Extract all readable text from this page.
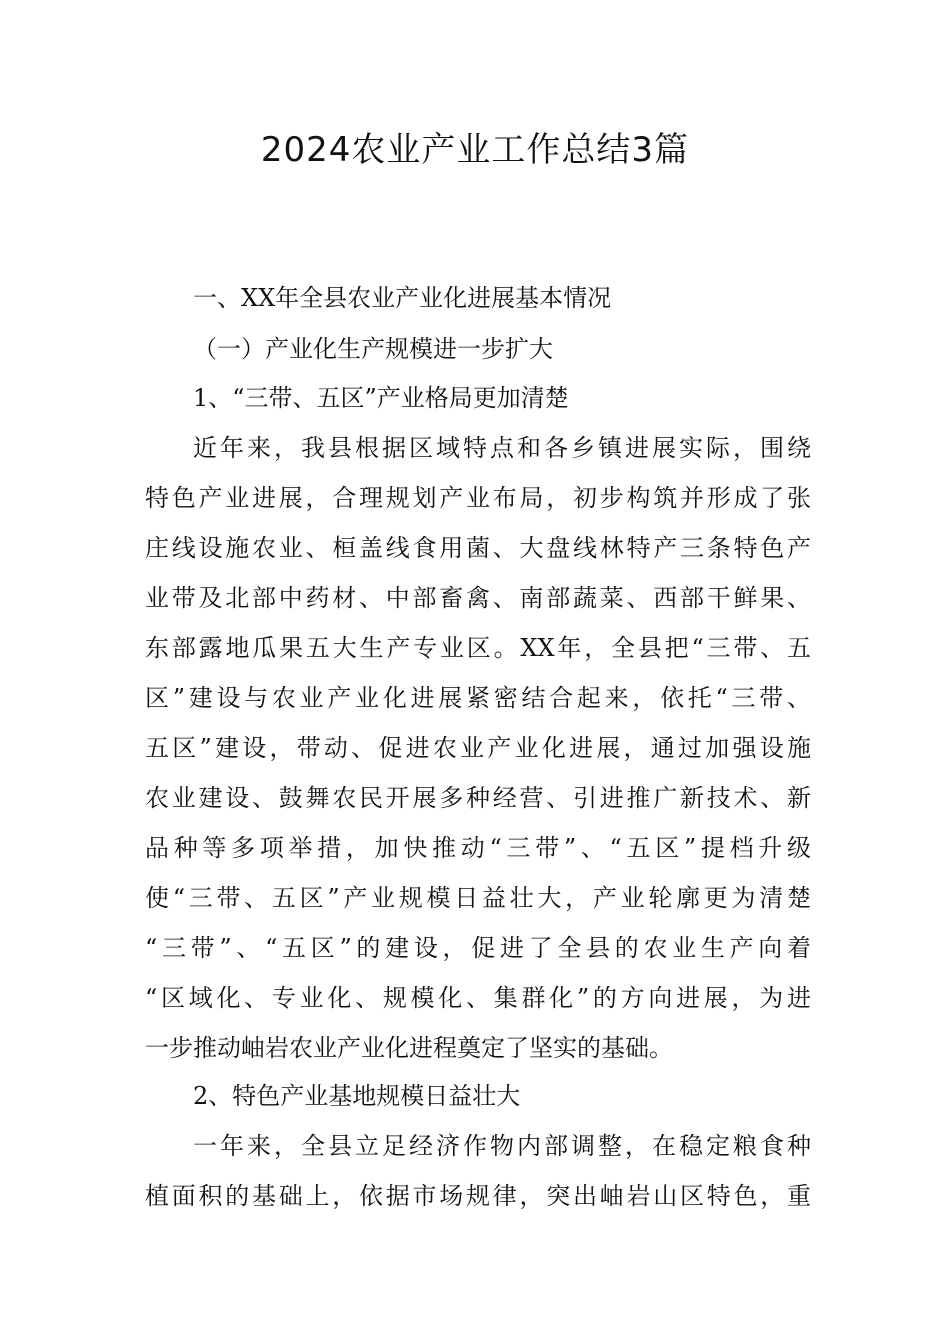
2024农业产业工作总结3篇
一、XX年全县农业产业化进展基本情况
（一）产业化生产规模进一步扩大
1、“三带、五区”产业格局更加清楚
近年来，我县根据区域特点和各乡镇进展实际，围绕
特色产业进展，合理规划产业布局，初步构筑并形成了张
庄线设施农业、桓盖线食用菌、大盘线林特产三条特色产
业带及北部中药材、中部畜禽、南部蔬菜、西部干鲜果、
东部露地瓜果五大生产专业区。XX年，全县把“三带、五
区”建设与农业产业化进展紧密结合起来，依托“三带、
五区”建设，带动、促进农业产业化进展，通过加强设施
农业建设、鼓舞农民开展多种经营、引进推广新技术、新
品种等多项举措，加快推动“三带”、“五区”提档升级
使“三带、五区”产业规模日益壮大，产业轮廓更为清楚
“三带”、“五区”的建设，促进了全县的农业生产向着
“区域化、专业化、规模化、集群化”的方向进展，为进
一步推动岫岩农业产业化进程奠定了坚实的基础。
2、特色产业基地规模日益壮大
一年来，全县立足经济作物内部调整，在稳定粮食种
植面积的基础上，依据市场规律，突出岫岩山区特色，重
